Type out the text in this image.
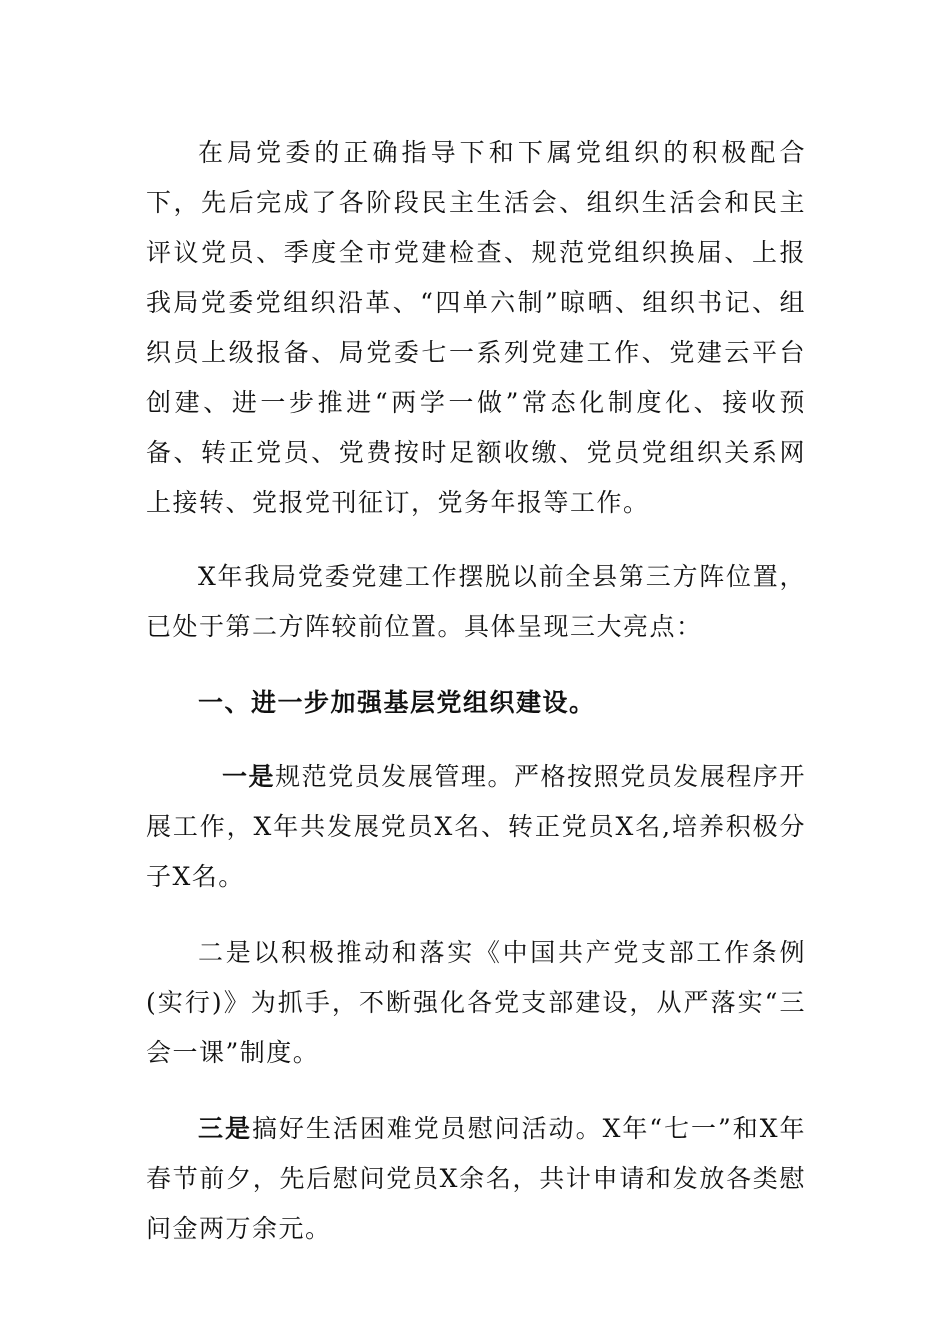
在局党委的正确指导下和下属党组织的积极配合下，先后完成了各阶段民主生活会、组织生活会和民主评议党员、季度全市党建检查、规范党组织换届、上报我局党委党组织沿革、“四单六制”晾晒、组织书记、组织员上级报备、局党委七一系列党建工作、党建云平台创建、进一步推进“两学一做”常态化制度化、接收预备、转正党员、党费按时足额收缴、党员党组织关系网上接转、党报党刊征订，党务年报等工作。

X年我局党委党建工作摆脱以前全县第三方阵位置，已处于第二方阵较前位置。具体呈现三大亮点：

一、进一步加强基层党组织建设。

一是规范党员发展管理。严格按照党员发展程序开展工作，X年共发展党员X名、转正党员X名,培养积极分子X名。

二是以积极推动和落实《中国共产党支部工作条例(实行)》为抓手，不断强化各党支部建设，从严落实“三会一课”制度。

三是搞好生活困难党员慰问活动。X年“七一”和X年春节前夕，先后慰问党员X余名，共计申请和发放各类慰问金两万余元。
